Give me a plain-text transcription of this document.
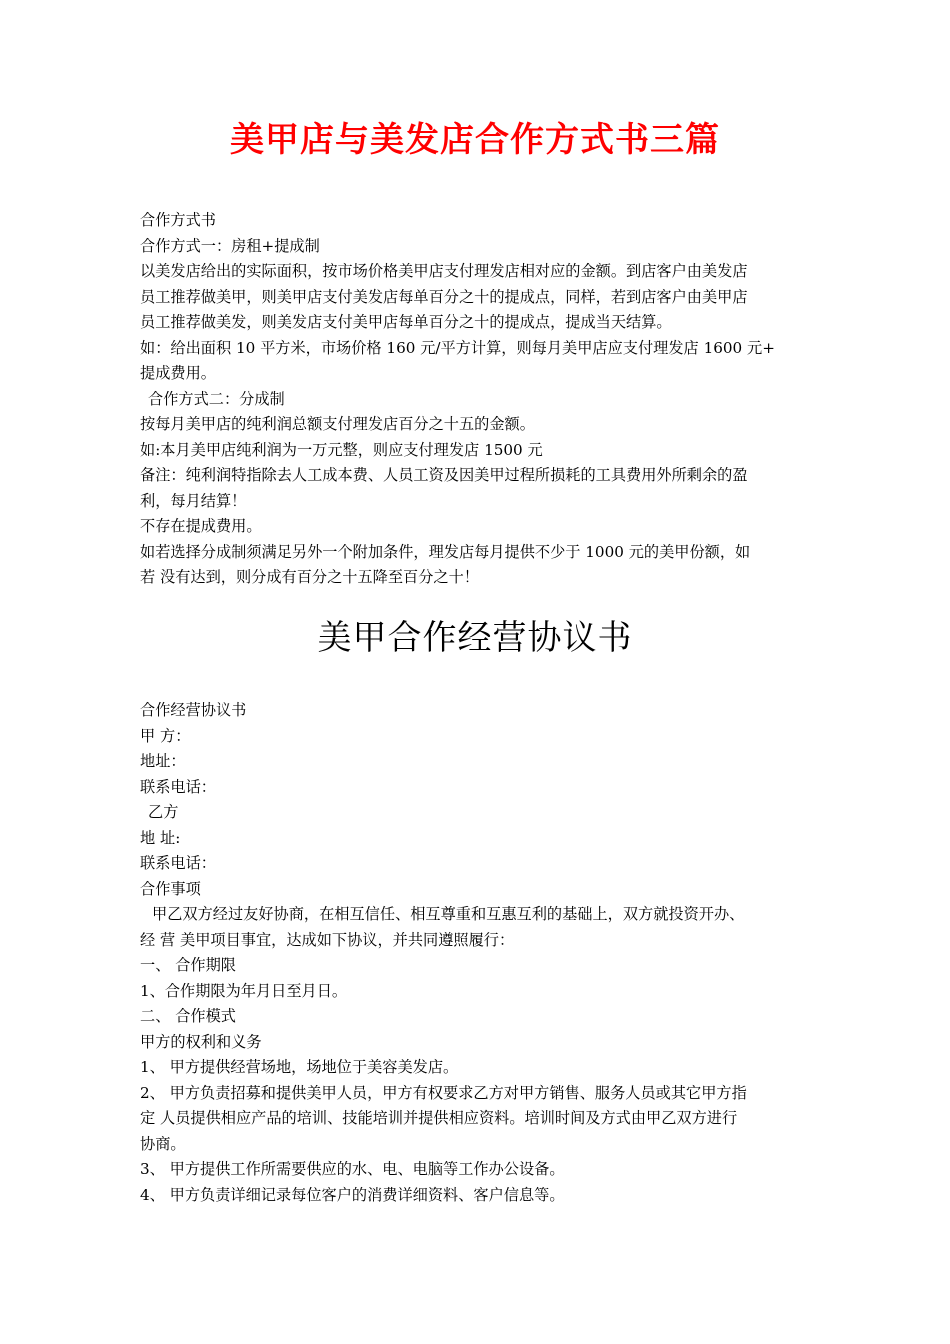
美甲店与美发店合作方式书三篇

合作方式书

合作方式一：房租+提成制

以美发店给出的实际面积，按市场价格美甲店支付理发店相对应的金额。到店客户由美发店

员工推荐做美甲，则美甲店支付美发店每单百分之十的提成点，同样，若到店客户由美甲店

员工推荐做美发，则美发店支付美甲店每单百分之十的提成点，提成当天结算。

如：给出面积 10 平方米，市场价格 160 元/平方计算，则每月美甲店应支付理发店 1600 元+

提成费用。

合作方式二：分成制

按每月美甲店的纯利润总额支付理发店百分之十五的金额。

如:本月美甲店纯利润为一万元整，则应支付理发店 1500 元

备注：纯利润特指除去人工成本费、人员工资及因美甲过程所损耗的工具费用外所剩余的盈

利，每月结算！

不存在提成费用。

如若选择分成制须满足另外一个附加条件，理发店每月提供不少于 1000 元的美甲份额，如

若 没有达到，则分成有百分之十五降至百分之十！

美甲合作经营协议书

合作经营协议书

甲 方：

地址：

联系电话：

乙方

地 址:

联系电话：

合作事项

甲乙双方经过友好协商，在相互信任、相互尊重和互惠互利的基础上，双方就投资开办、

经 营 美甲项目事宜，达成如下协议，并共同遵照履行：

一、 合作期限

1、合作期限为年月日至月日。

二、 合作模式

甲方的权利和义务

1、 甲方提供经营场地，场地位于美容美发店。

2、 甲方负责招募和提供美甲人员，甲方有权要求乙方对甲方销售、服务人员或其它甲方指

定 人员提供相应产品的培训、技能培训并提供相应资料。培训时间及方式由甲乙双方进行

协商。

3、 甲方提供工作所需要供应的水、电、电脑等工作办公设备。

4、 甲方负责详细记录每位客户的消费详细资料、客户信息等。
